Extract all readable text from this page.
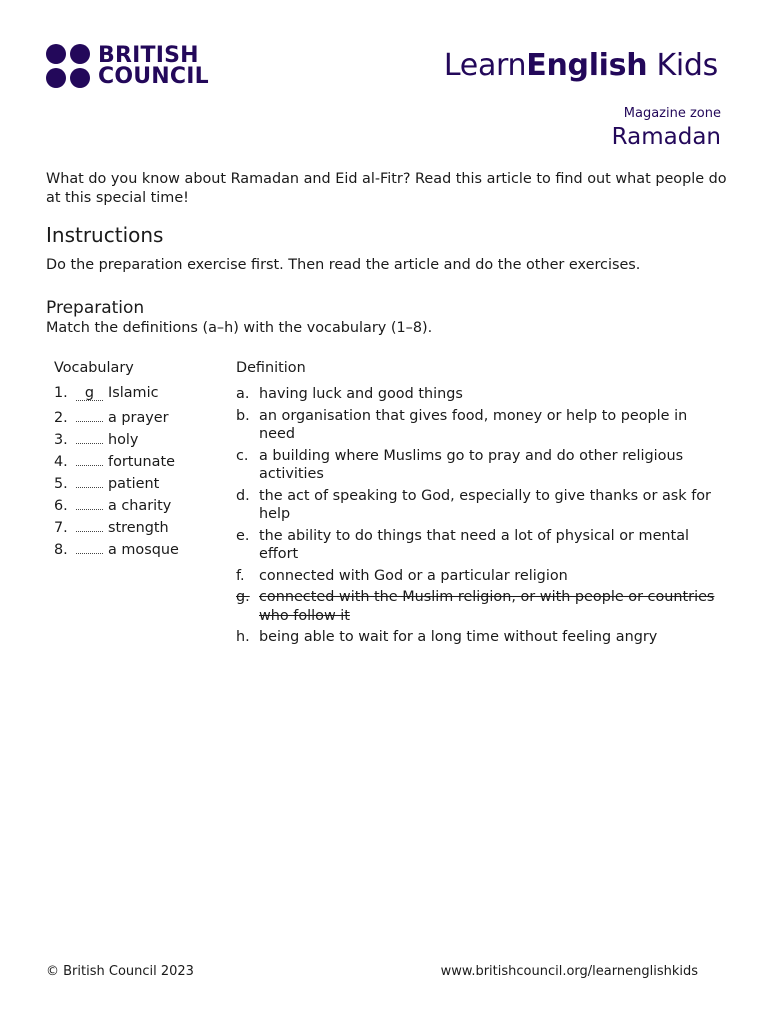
BRITISH
COUNCIL	LearnEnglish Kids
Magazine zone
Ramadan
What do you know about Ramadan and Eid al-Fitr? Read this article to find out what people do at this special time!
Instructions
Do the preparation exercise first. Then read the article and do the other exercises.
Preparation
Match the definitions (a–h) with the vocabulary (1–8).
Vocabulary	Definition
1.	g Islamic
2.	a prayer
3.	holy
4.	fortunate
5.	patient
6.	a charity
7.	strength
8.	a mosque
a. having luck and good things
b. an organisation that gives food, money or help to people in need
c. a building where Muslims go to pray and do other religious activities
d. the act of speaking to God, especially to give thanks or ask for help
e. the ability to do things that need a lot of physical or mental effort
f.	connected with God or a particular religion
g. connected with the Muslim religion, or with people or countries who follow it
h. being able to wait for a long time without feeling angry
© British Council 2023	www.britishcouncil.org/learnenglishkids
